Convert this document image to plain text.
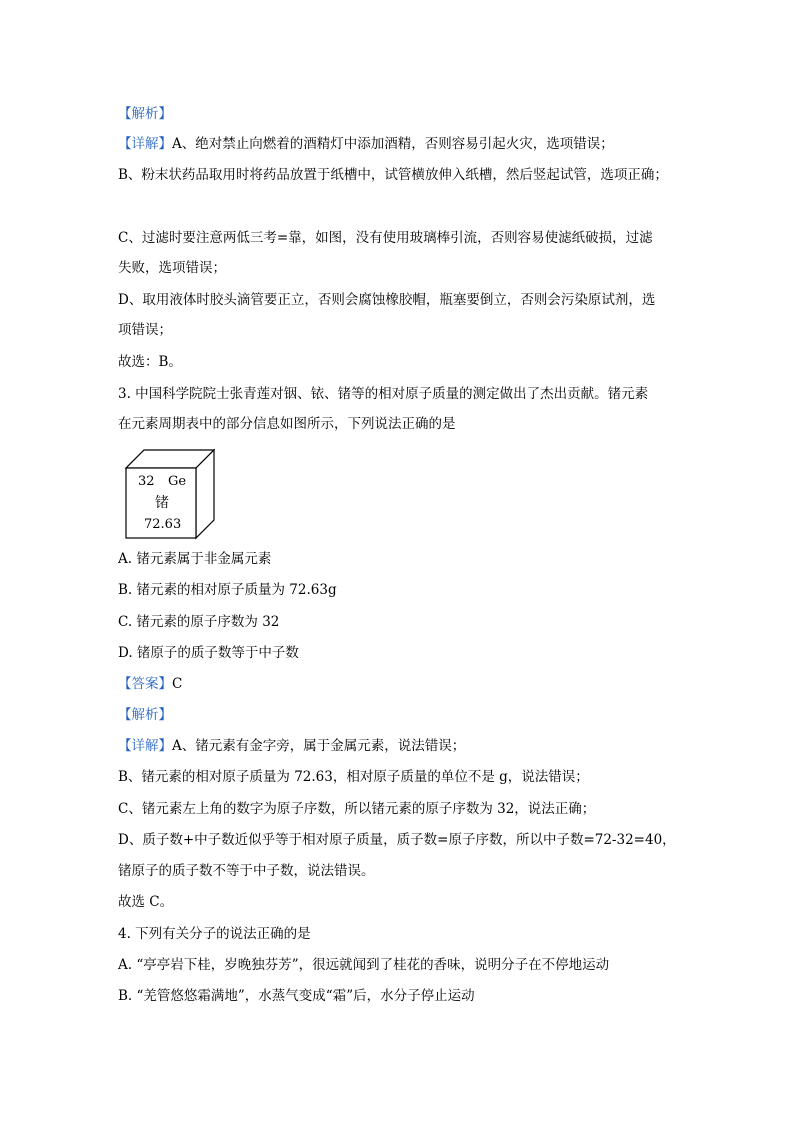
【解析】
【详解】A、绝对禁止向燃着的酒精灯中添加酒精，否则容易引起火灾，选项错误；
B、粉末状药品取用时将药品放置于纸槽中，试管横放伸入纸槽，然后竖起试管，选项正确；
C、过滤时要注意两低三考=靠，如图，没有使用玻璃棒引流，否则容易使滤纸破损，过滤
失败，选项错误；
D、取用液体时胶头滴管要正立，否则会腐蚀橡胶帽，瓶塞要倒立，否则会污染原试剂，选
项错误；
故选：B。
3. 中国科学院院士张青莲对铟、铱、锗等的相对原子质量的测定做出了杰出贡献。锗元素
在元素周期表中的部分信息如图所示，下列说法正确的是
32 Ge
锗
72.63
A. 锗元素属于非金属元素
B. 锗元素的相对原子质量为 72.63g
C. 锗元素的原子序数为 32
D. 锗原子的质子数等于中子数
【答案】C
【解析】
【详解】A、锗元素有金字旁，属于金属元素，说法错误；
B、锗元素的相对原子质量为 72.63，相对原子质量的单位不是 g，说法错误；
C、锗元素左上角的数字为原子序数，所以锗元素的原子序数为 32，说法正确；
D、质子数+中子数近似乎等于相对原子质量，质子数=原子序数，所以中子数=72-32=40，
锗原子的质子数不等于中子数，说法错误。
故选 C。
4. 下列有关分子的说法正确的是
A. “亭亭岩下桂，岁晚独芬芳”，很远就闻到了桂花的香味，说明分子在不停地运动
B. “羌管悠悠霜满地”，水蒸气变成“霜”后，水分子停止运动
